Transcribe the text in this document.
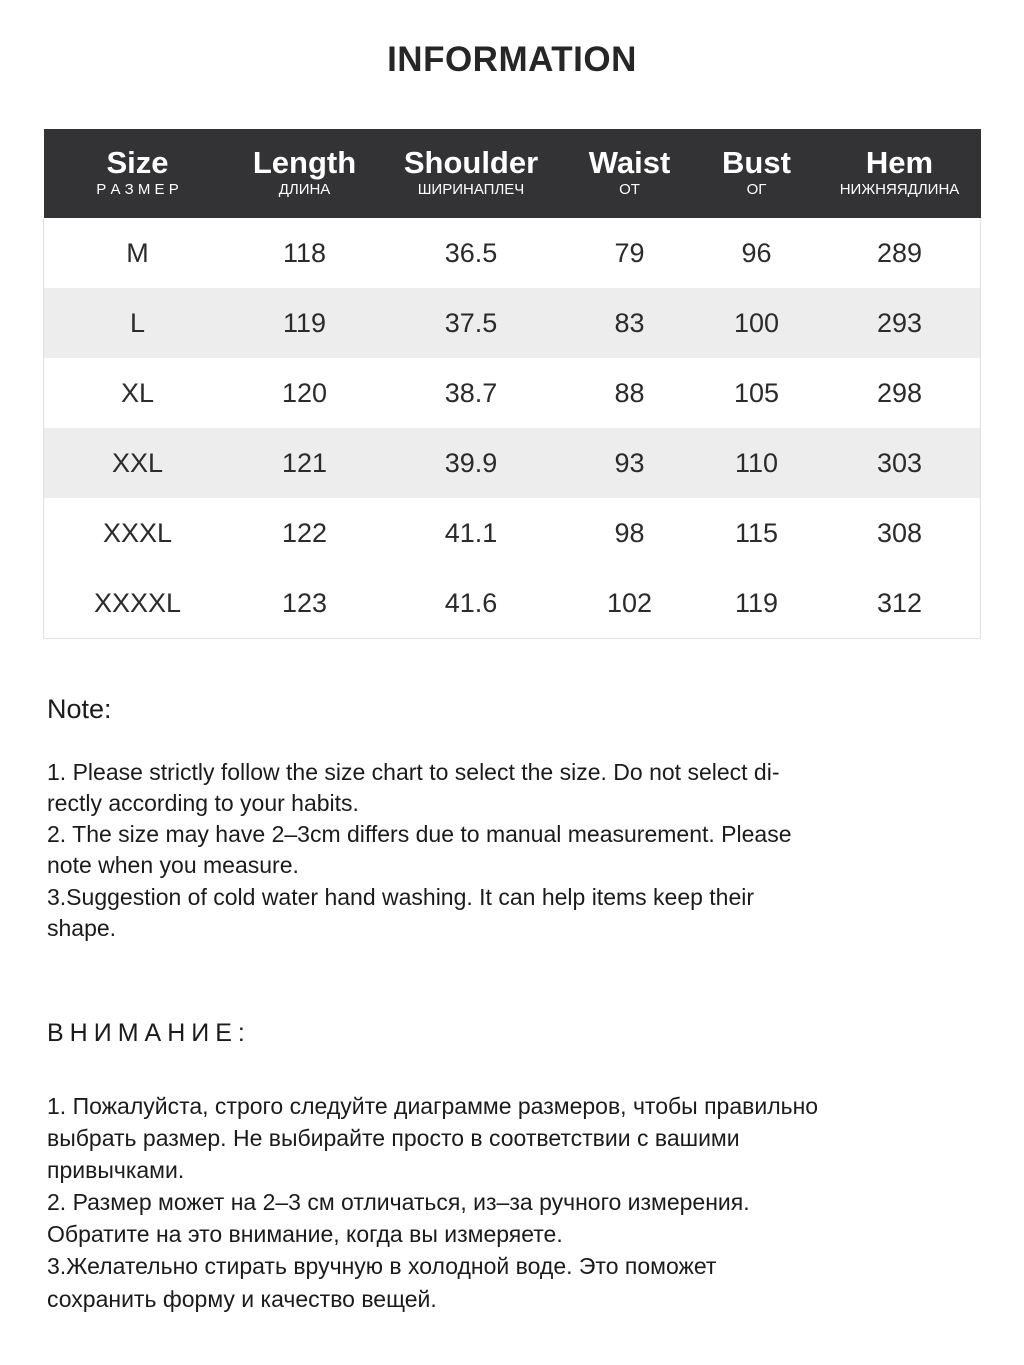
INFORMATION
Size	Length	Shoulder	Waist	Bust	Hem
Р А З М Е Р	ДЛИНА	ШИРИНАПЛЕЧ	ОТ	ОГ	НИЖНЯЯДЛИНА
M	118	36.5	79	96	289
L	119	37.5	83	100	293
XL	120	38.7	88	105	298
XXL	121	39.9	93	110	303
XXXL	122	41.1	98	115	308
XXXXL	123	41.6	102	119	312

Note:

1. Please strictly follow the size chart to select the size. Do not select di-
rectly according to your habits.
2. The size may have 2–3cm differs due to manual measurement. Please
note when you measure.
3.Suggestion of cold water hand washing. It can help items keep their
shape.

ВНИМАНИЕ:

1. Пожалуйста, строго следуйте диаграмме размеров, чтобы правильно
выбрать размер. Не выбирайте просто в соответствии с вашими
привычками.
2. Размер может на 2–3 см отличаться, из–за ручного измерения.
Обратите на это внимание, когда вы измеряете.
3.Желательно стирать вручную в холодной воде. Это поможет
сохранить форму и качество вещей.
